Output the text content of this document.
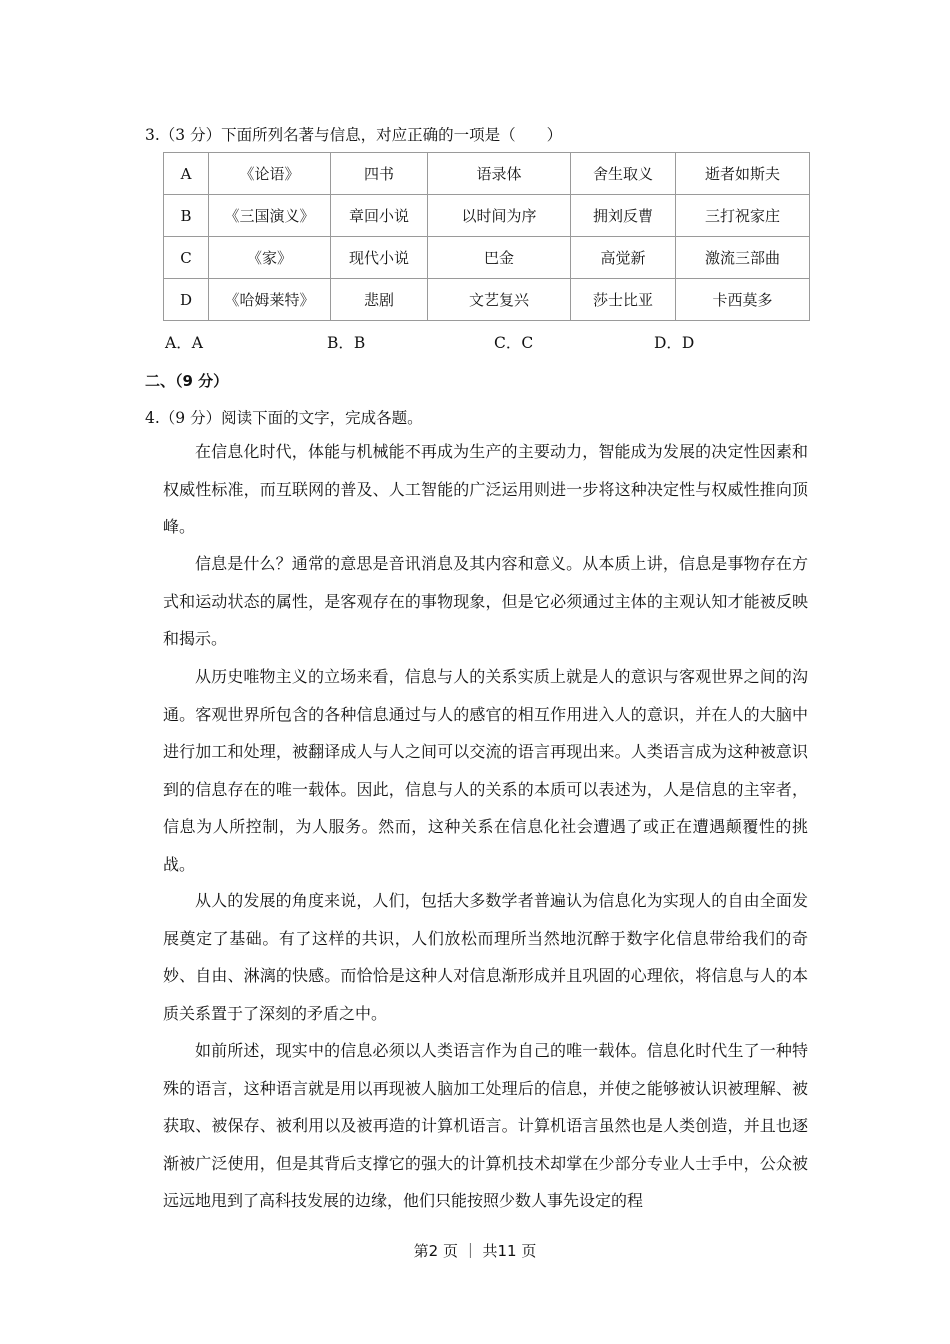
3.（3 分）下面所列名著与信息，对应正确的一项是（　　）
A	《论语》	四书	语录体	舍生取义	逝者如斯夫
B	《三国演义》	章回小说	以时间为序	拥刘反曹	三打祝家庄
C	《家》	现代小说	巴金	高觉新	激流三部曲
D	《哈姆莱特》	悲剧	文艺复兴	莎士比亚	卡西莫多
A．A	B．B	C．C	D．D
二、（9 分）
4.（9 分）阅读下面的文字，完成各题。

在信息化时代，体能与机械能不再成为生产的主要动力，智能成为发展的决定性因素和权威性标准，而互联网的普及、人工智能的广泛运用则进一步将这种决定性与权威性推向顶峰。

信息是什么？通常的意思是音讯消息及其内容和意义。从本质上讲，信息是事物存在方式和运动状态的属性，是客观存在的事物现象，但是它必须通过主体的主观认知才能被反映和揭示。

从历史唯物主义的立场来看，信息与人的关系实质上就是人的意识与客观世界之间的沟通。客观世界所包含的各种信息通过与人的感官的相互作用进入人的意识，并在人的大脑中进行加工和处理，被翻译成人与人之间可以交流的语言再现出来。人类语言成为这种被意识到的信息存在的唯一载体。因此，信息与人的关系的本质可以表述为，人是信息的主宰者，信息为人所控制，为人服务。然而，这种关系在信息化社会遭遇了或正在遭遇颠覆性的挑战。

从人的发展的角度来说，人们，包括大多数学者普遍认为信息化为实现人的自由全面发展奠定了基础。有了这样的共识，人们放松而理所当然地沉醉于数字化信息带给我们的奇妙、自由、淋漓的快感。而恰恰是这种人对信息渐形成并且巩固的心理依，将信息与人的本质关系置于了深刻的矛盾之中。

如前所述，现实中的信息必须以人类语言作为自己的唯一载体。信息化时代生了一种特殊的语言，这种语言就是用以再现被人脑加工处理后的信息，并使之能够被认识被理解、被获取、被保存、被利用以及被再造的计算机语言。计算机语言虽然也是人类创造，并且也逐渐被广泛使用，但是其背后支撑它的强大的计算机技术却掌在少部分专业人士手中，公众被远远地甩到了高科技发展的边缘，他们只能按照少数人事先设定的程

第2 页 ｜ 共11 页
